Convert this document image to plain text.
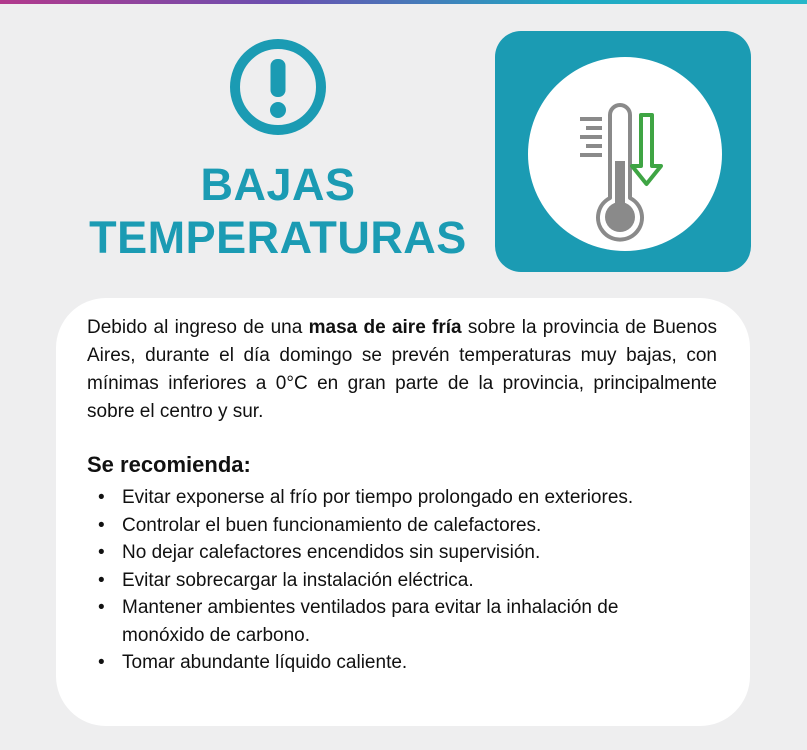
BAJAS
TEMPERATURAS

Debido al ingreso de una masa de aire fría sobre la provincia de Buenos Aires, durante el día domingo se prevén temperaturas muy bajas, con mínimas inferiores a 0°C en gran parte de la provincia, principalmente sobre el centro y sur.

Se recomienda:
• Evitar exponerse al frío por tiempo prolongado en exteriores.
• Controlar el buen funcionamiento de calefactores.
• No dejar calefactores encendidos sin supervisión.
• Evitar sobrecargar la instalación eléctrica.
• Mantener ambientes ventilados para evitar la inhalación de monóxido de carbono.
• Tomar abundante líquido caliente.
